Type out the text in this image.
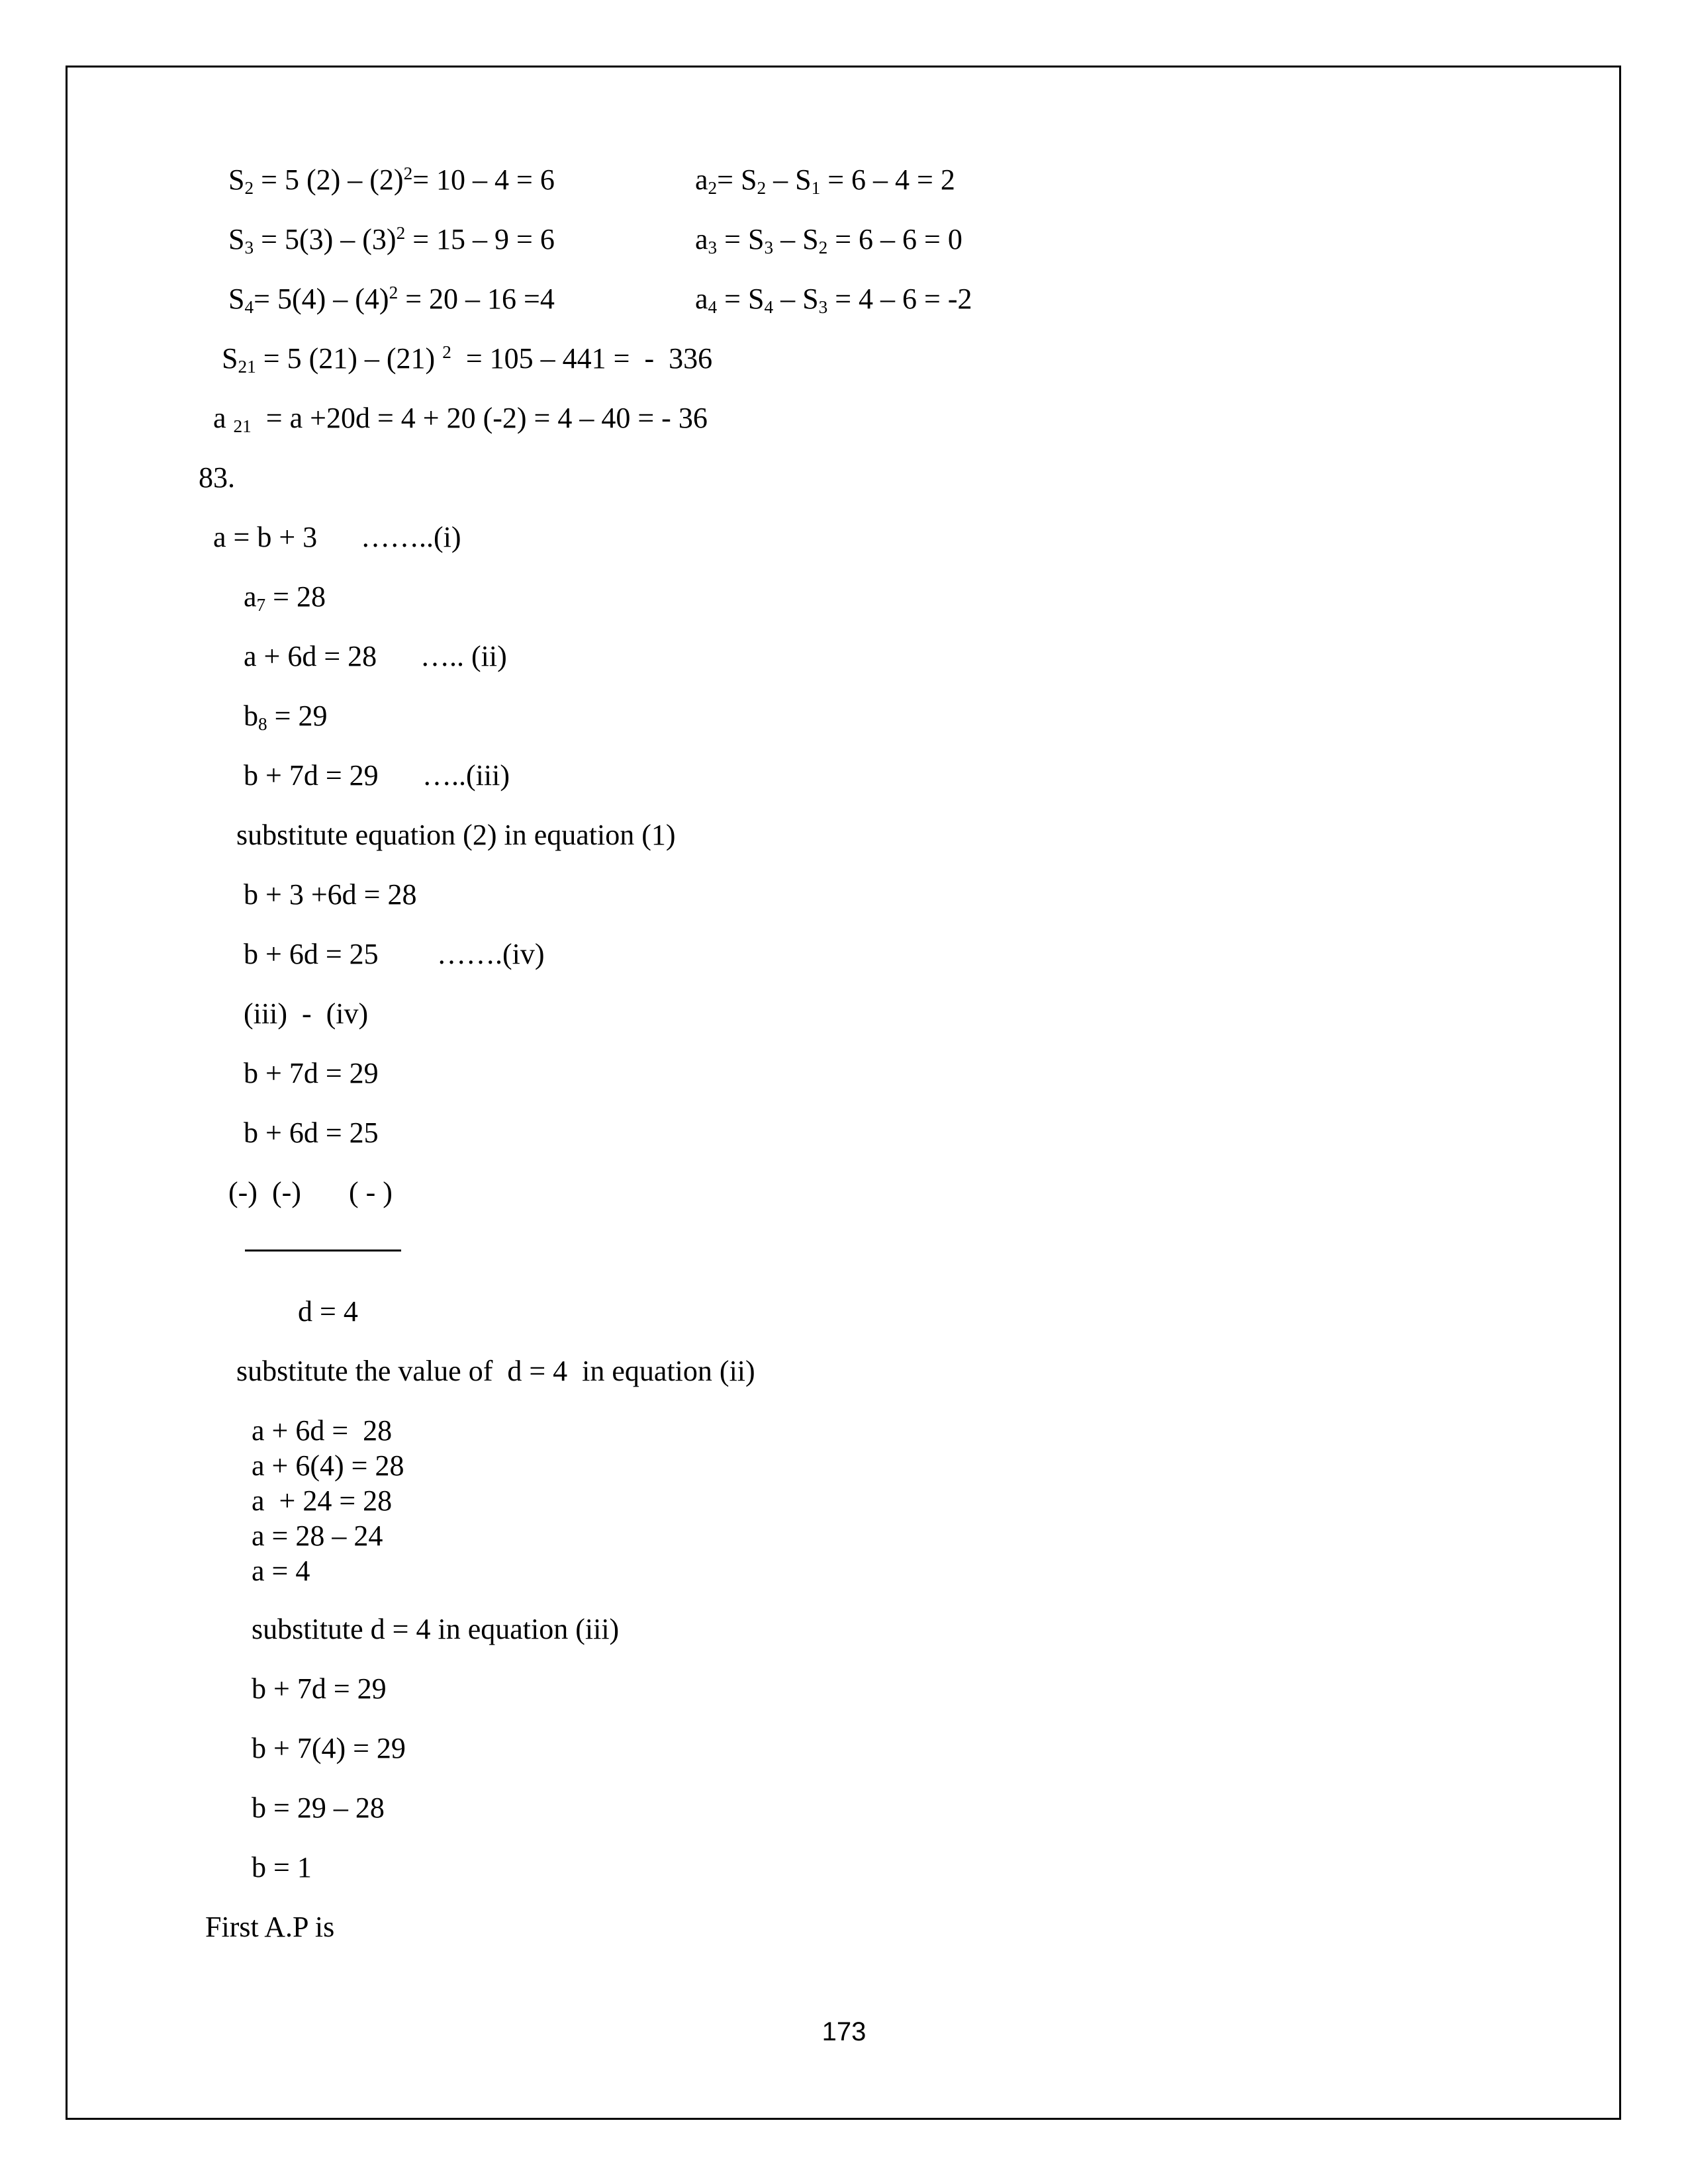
$S_2 = 5$ $(2) - (2)^2= 10 - 4 = 6$	$a_2= S_2 - S_1 = 6 - 4 = 2$
$S_3 = 5(3) - (3)^2 = 15 - 9 = 6$	$a_3 = S_3 - S_2 = 6 - 6 = 0$
$S_4= 5(4) - (4)^2 = 20 - 16 =4$	$a_4 = S_4 - S_3 = 4 - 6 = -2$
$S_{21} = 5$ (21) – (21) $^2$  = 105 – 441 =  -  336
a $_{21}$  = a +20d = 4 + 20 (-2) = 4 – 40 = - 36
83.
a = b + 3 ……..(i)
$a_7 = 28$
a + 6d = 28 ….. (ii)
$b_8 = 29$
b + 7d = 29 …..(iii)
substitute equation (2) in equation (1)
b + 3 +6d = 28
b + 6d = 25 …….(iv)
(iii)  -  (iv)
b + 7d = 29
b + 6d = 25
(-)  (-) ( - )
d = 4
substitute the value of  d = 4  in equation (ii)
a + 6d =  28
a + 6(4) = 28
a  + 24 = 28
a = 28 – 24
a = 4
substitute d = 4 in equation (iii)
b + 7d = 29
b + 7(4) = 29
b = 29 – 28
b = 1
First A.P is
173
